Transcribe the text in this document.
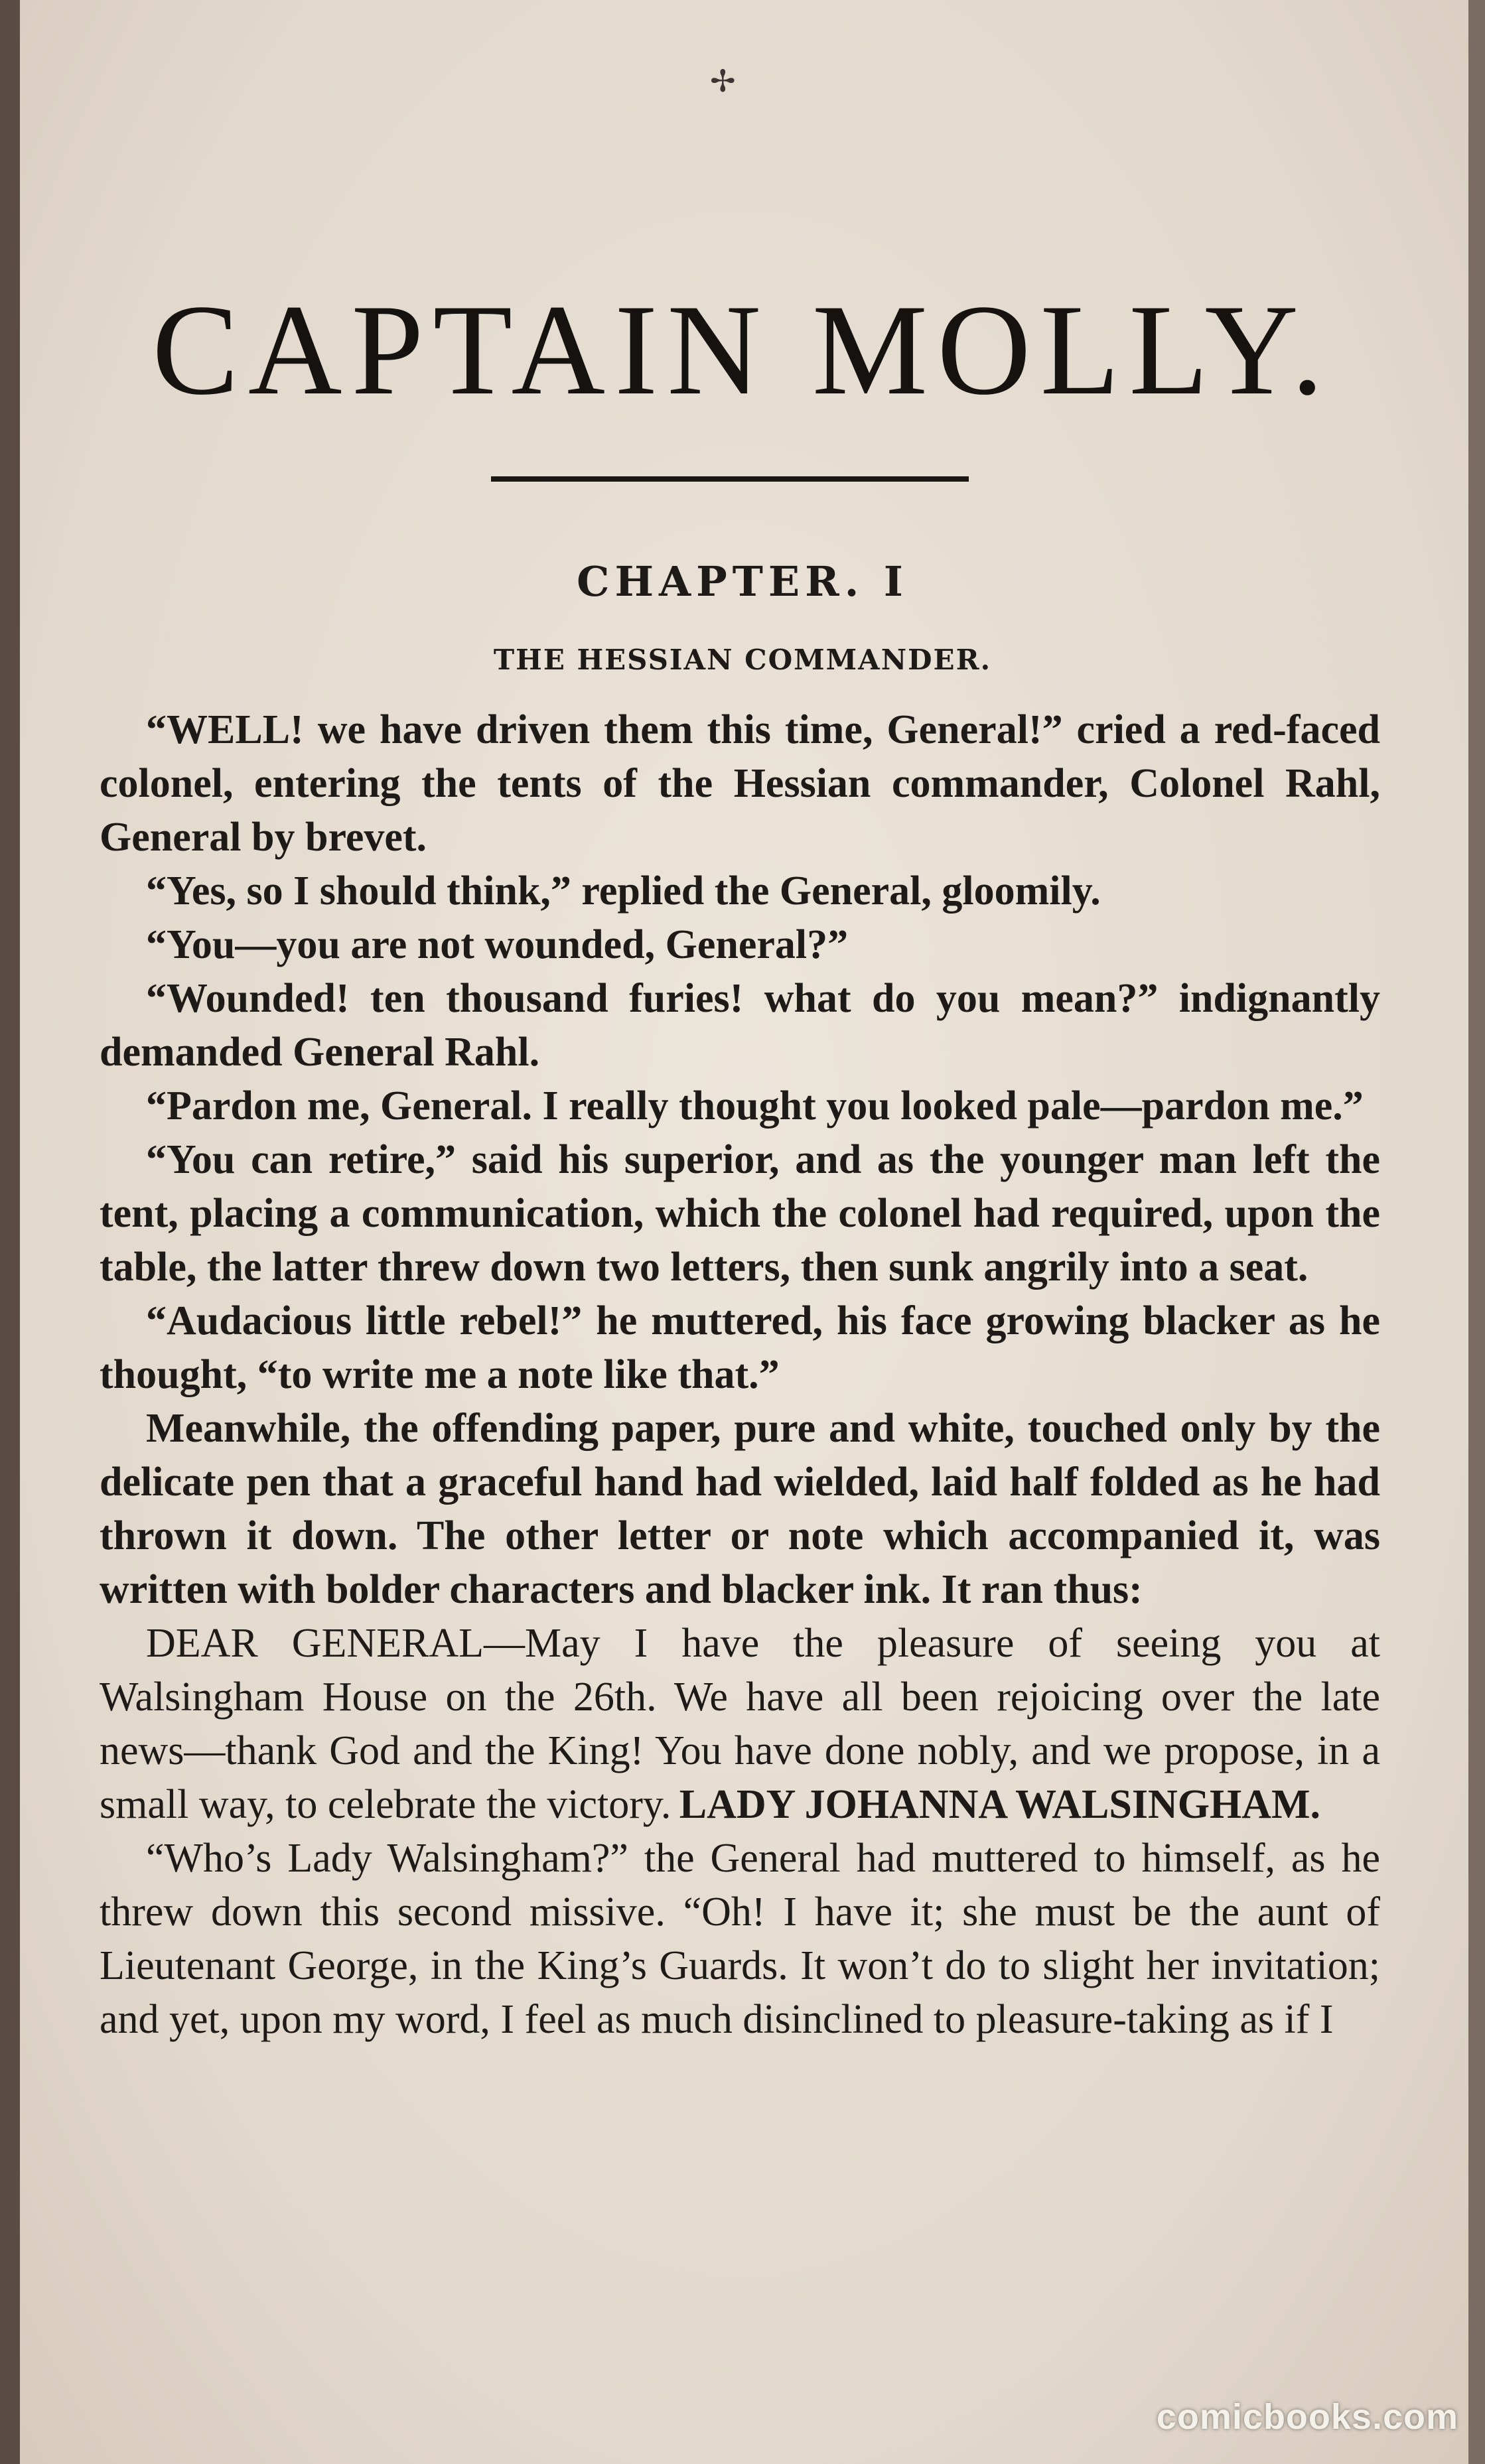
✢
CAPTAIN MOLLY.
CHAPTER. I
THE HESSIAN COMMANDER.

“WELL! we have driven them this time, General!” cried a red-faced colonel, entering the tents of the Hessian commander, Colonel Rahl, General by brevet.

“Yes, so I should think,” replied the General, gloomily.

“You—you are not wounded, General?”

“Wounded! ten thousand furies! what do you mean?” indignantly demanded General Rahl.

“Pardon me, General. I really thought you looked pale—pardon me.”

“You can retire,” said his superior, and as the younger man left the tent, placing a communication, which the colonel had required, upon the table, the latter threw down two letters, then sunk angrily into a seat.

“Audacious little rebel!” he muttered, his face growing blacker as he thought, “to write me a note like that.”

Meanwhile, the offending paper, pure and white, touched only by the delicate pen that a graceful hand had wielded, laid half folded as he had thrown it down. The other letter or note which accompanied it, was written with bolder characters and blacker ink. It ran thus:

DEAR GENERAL—May I have the pleasure of seeing you at Walsingham House on the 26th. We have all been rejoicing over the late news—thank God and the King! You have done nobly, and we propose, in a small way, to celebrate the victory. LADY JOHANNA WALSINGHAM.

“Who’s Lady Walsingham?” the General had muttered to himself, as he threw down this second missive. “Oh! I have it; she must be the aunt of Lieutenant George, in the King’s Guards. It won’t do to slight her invitation; and yet, upon my word, I feel as much disinclined to pleasure-taking as if I

comicbooks.com
